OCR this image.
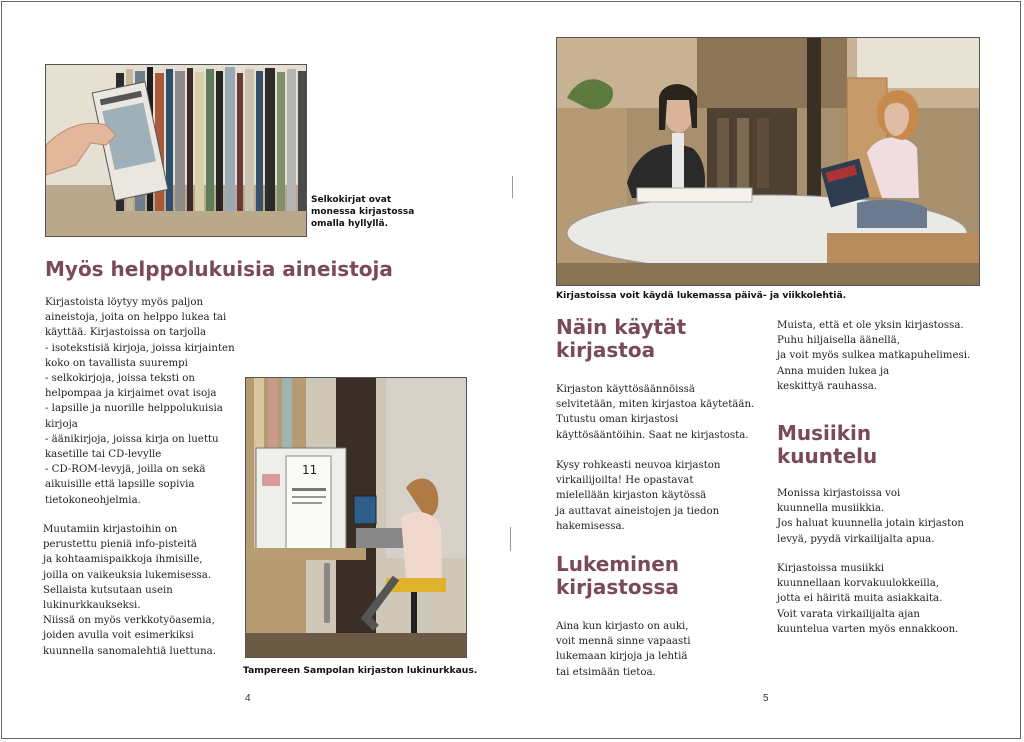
Selkokirjat ovat
monessa kirjastossa
omalla hyllyllä.
Myös helppolukuisia aineistoja

Kirjastoista löytyy myös paljon
aineistoja, joita on helppo lukea tai
käyttää. Kirjastoissa on tarjolla
- isotekstisiä kirjoja, joissa kirjainten
koko on tavallista suurempi
- selkokirjoja, joissa teksti on
helpompaa ja kirjaimet ovat isoja
- lapsille ja nuorille helppolukuisia
kirjoja
- äänikirjoja, joissa kirja on luettu
kasetille tai CD-levylle
- CD-ROM-levyjä, joilla on sekä
aikuisille että lapsille sopivia
tietokoneohjelmia.

Muutamiin kirjastoihin on
perustettu pieniä info-pisteitä
ja kohtaamispaikkoja ihmisille,
joilla on vaikeuksia lukemisessa.
Sellaista kutsutaan usein
lukinurkkaukseksi.
Niissä on myös verkkotyöasemia,
joiden avulla voit esimerkiksi
kuunnella sanomalehtiä luettuna.

11
Tampereen Sampolan kirjaston lukinurkkaus.
4
Kirjastoissa voit käydä lukemassa päivä- ja viikkolehtiä.
Näin käytät
kirjastoa

Kirjaston käyttösäännöissä
selvitetään, miten kirjastoa käytetään.
Tutustu oman kirjastosi
käyttösääntöihin. Saat ne kirjastosta.

Kysy rohkeasti neuvoa kirjaston
virkailijoilta! He opastavat
mielellään kirjaston käytössä
ja auttavat aineistojen ja tiedon
hakemisessa.

Lukeminen
kirjastossa

Aina kun kirjasto on auki,
voit mennä sinne vapaasti
lukemaan kirjoja ja lehtiä
tai etsimään tietoa.

Muista, että et ole yksin kirjastossa.
Puhu hiljaisella äänellä,
ja voit myös sulkea matkapuhelimesi.
Anna muiden lukea ja
keskittyä rauhassa.

Musiikin
kuuntelu

Monissa kirjastoissa voi
kuunnella musiikkia.
Jos haluat kuunnella jotain kirjaston
levyä, pyydä virkailijalta apua.

Kirjastoissa musiikki
kuunnellaan korvakuulokkeilla,
jotta ei häiritä muita asiakkaita.
Voit varata virkailijalta ajan
kuuntelua varten myös ennakkoon.

5
